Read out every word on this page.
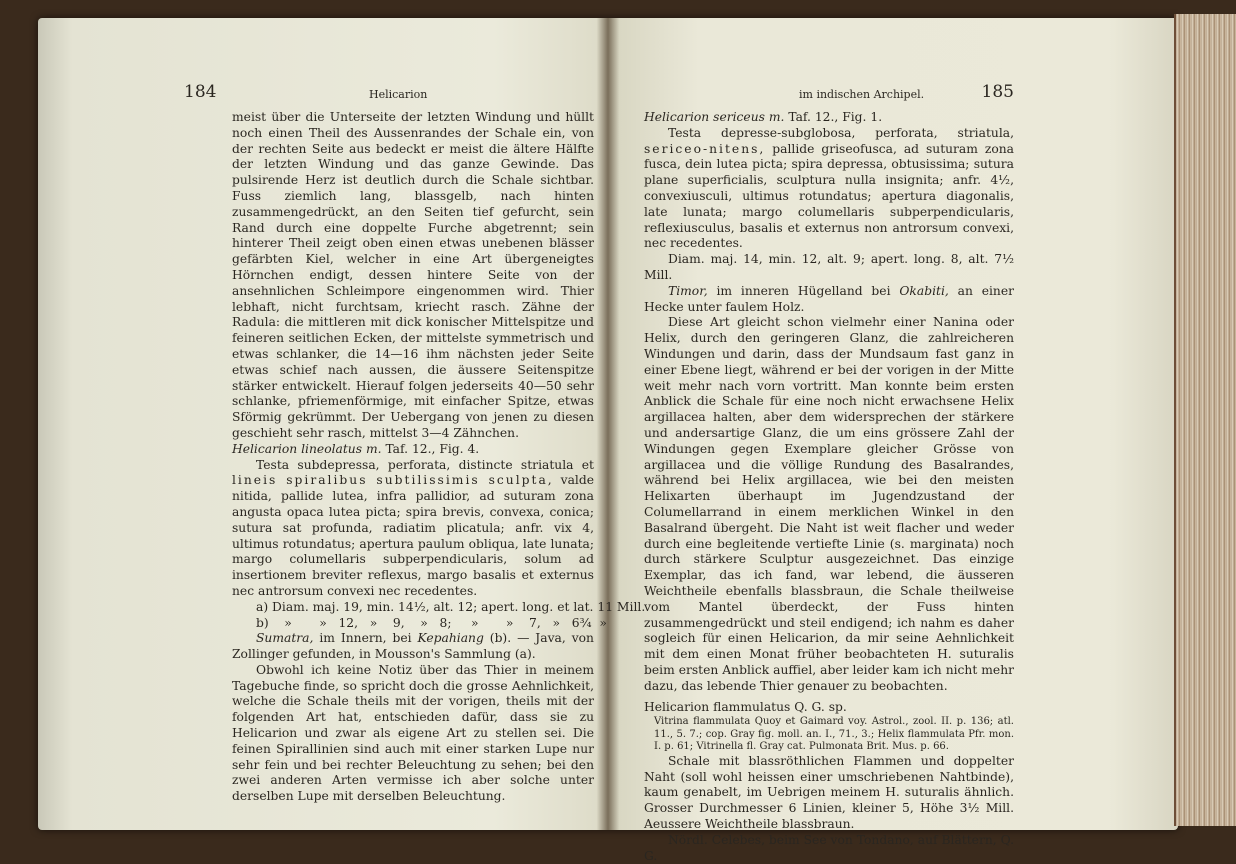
184	Helicarion

meist über die Unterseite der letzten Windung und hüllt noch einen Theil des Aussenrandes der Schale ein, von der rechten Seite aus bedeckt er meist die ältere Hälfte der letzten Windung und das ganze Gewinde. Das pulsirende Herz ist deutlich durch die Schale sichtbar. Fuss ziemlich lang, blassgelb, nach hinten zusammengedrückt, an den Seiten tief gefurcht, sein Rand durch eine doppelte Furche abgetrennt; sein hinterer Theil zeigt oben einen etwas unebenen blässer gefärbten Kiel, welcher in eine Art übergeneigtes Hörnchen endigt, dessen hintere Seite von der ansehnlichen Schleimpore eingenommen wird. Thier lebhaft, nicht furchtsam, kriecht rasch. Zähne der Radula: die mittleren mit dick konischer Mittelspitze und feineren seitlichen Ecken, der mittelste symmetrisch und etwas schlanker, die 14—16 ihm nächsten jeder Seite etwas schief nach aussen, die äussere Seitenspitze stärker entwickelt. Hierauf folgen jederseits 40—50 sehr schlanke, pfriemenförmige, mit einfacher Spitze, etwas Sförmig gekrümmt. Der Uebergang von jenen zu diesen geschieht sehr rasch, mittelst 3—4 Zähnchen.

Helicarion lineolatus m. Taf. 12., Fig. 4.

Testa subdepressa, perforata, distincte striatula et lineis spiralibus subtilissimis sculpta, valde nitida, pallide lutea, infra pallidior, ad suturam zona angusta opaca lutea picta; spira brevis, convexa, conica; sutura sat profunda, radiatim plicatula; anfr. vix 4, ultimus rotundatus; apertura paulum obliqua, late lunata; margo columellaris subperpendicularis, solum ad insertionem breviter reflexus, margo basalis et externus nec antrorsum convexi nec recedentes.

a) Diam. maj. 19, min. 14½, alt. 12; apert. long. et lat. 11 Mill.

b)    »       »   12,   »    9,    »   8;     »       »    7,   »   6¾  »

Sumatra, im Innern, bei Kepahiang (b). — Java, von Zollinger gefunden, in Mousson's Sammlung (a).

Obwohl ich keine Notiz über das Thier in meinem Tagebuche finde, so spricht doch die grosse Aehnlichkeit, welche die Schale theils mit der vorigen, theils mit der folgenden Art hat, entschieden dafür, dass sie zu Helicarion und zwar als eigene Art zu stellen sei. Die feinen Spirallinien sind auch mit einer starken Lupe nur sehr fein und bei rechter Beleuchtung zu sehen; bei den zwei anderen Arten vermisse ich aber solche unter derselben Lupe mit derselben Beleuchtung.

im indischen Archipel.	185

Helicarion sericeus m. Taf. 12., Fig. 1.

Testa depresse-subglobosa, perforata, striatula, sericeo-nitens, pallide griseofusca, ad suturam zona fusca, dein lutea picta; spira depressa, obtusissima; sutura plane superficialis, sculptura nulla insignita; anfr. 4½, convexiusculi, ultimus rotundatus; apertura diagonalis, late lunata; margo columellaris subperpendicularis, reflexiusculus, basalis et externus non antrorsum convexi, nec recedentes.

Diam. maj. 14, min. 12, alt. 9; apert. long. 8, alt. 7½ Mill.

Timor, im inneren Hügelland bei Okabiti, an einer Hecke unter faulem Holz.

Diese Art gleicht schon vielmehr einer Nanina oder Helix, durch den geringeren Glanz, die zahlreicheren Windungen und darin, dass der Mundsaum fast ganz in einer Ebene liegt, während er bei der vorigen in der Mitte weit mehr nach vorn vortritt. Man konnte beim ersten Anblick die Schale für eine noch nicht erwachsene Helix argillacea halten, aber dem widersprechen der stärkere und andersartige Glanz, die um eins grössere Zahl der Windungen gegen Exemplare gleicher Grösse von argillacea und die völlige Rundung des Basalrandes, während bei Helix argillacea, wie bei den meisten Helixarten überhaupt im Jugendzustand der Columellarrand in einem merklichen Winkel in den Basalrand übergeht. Die Naht ist weit flacher und weder durch eine begleitende vertiefte Linie (s. marginata) noch durch stärkere Sculptur ausgezeichnet. Das einzige Exemplar, das ich fand, war lebend, die äusseren Weichtheile ebenfalls blassbraun, die Schale theilweise vom Mantel überdeckt, der Fuss hinten zusammengedrückt und steil endigend; ich nahm es daher sogleich für einen Helicarion, da mir seine Aehnlichkeit mit dem einen Monat früher beobachteten H. suturalis beim ersten Anblick auffiel, aber leider kam ich nicht mehr dazu, das lebende Thier genauer zu beobachten.

Helicarion flammulatus Q. G. sp.

Vitrina flammulata Quoy et Gaimard voy. Astrol., zool. II. p. 136; atl. 11., 5. 7.; cop. Gray fig. moll. an. I., 71., 3.; Helix flammulata Pfr. mon. I. p. 61; Vitrinella fl. Gray cat. Pulmonata Brit. Mus. p. 66.

Schale mit blassröthlichen Flammen und doppelter Naht (soll wohl heissen einer umschriebenen Nahtbinde), kaum genabelt, im Uebrigen meinem H. suturalis ähnlich. Grosser Durchmesser 6 Linien, kleiner 5, Höhe 3½ Mill. Aeussere Weichtheile blassbraun.

Nördl. Celebes, beim See von Tondano, auf Blättern, Q. G.
